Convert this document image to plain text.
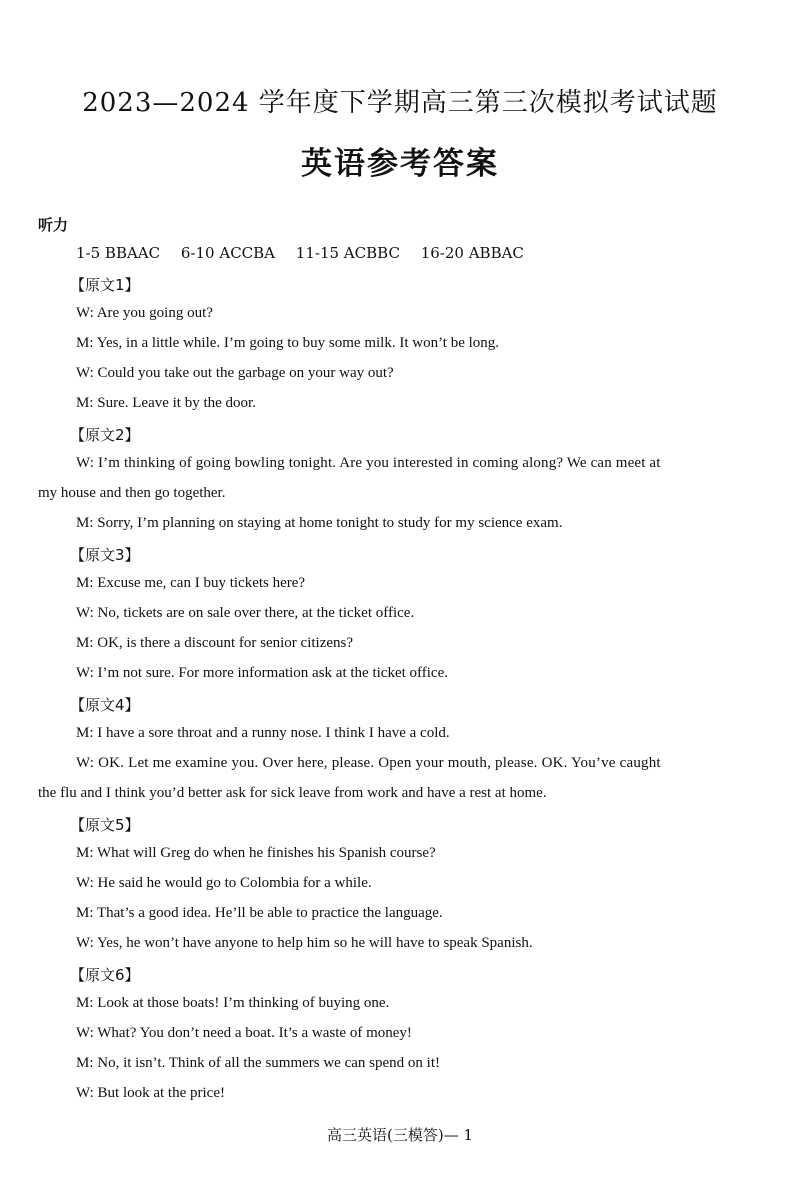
2023—2024 学年度下学期高三第三次模拟考试试题
英语参考答案
听力
1-5 BBAAC 6-10 ACCBA 11-15 ACBBC 16-20 ABBAC
【原文1】
W: Are you going out?
M: Yes, in a little while. I’m going to buy some milk. It won’t be long.
W: Could you take out the garbage on your way out?
M: Sure. Leave it by the door.
【原文2】
W: I’m thinking of going bowling tonight. Are you interested in coming along? We can meet at
my house and then go together.
M: Sorry, I’m planning on staying at home tonight to study for my science exam.
【原文3】
M: Excuse me, can I buy tickets here?
W: No, tickets are on sale over there, at the ticket office.
M: OK, is there a discount for senior citizens?
W: I’m not sure. For more information ask at the ticket office.
【原文4】
M: I have a sore throat and a runny nose. I think I have a cold.
W: OK. Let me examine you. Over here, please. Open your mouth, please. OK. You’ve caught
the flu and I think you’d better ask for sick leave from work and have a rest at home.
【原文5】
M: What will Greg do when he finishes his Spanish course?
W: He said he would go to Colombia for a while.
M: That’s a good idea. He’ll be able to practice the language.
W: Yes, he won’t have anyone to help him so he will have to speak Spanish.
【原文6】
M: Look at those boats! I’m thinking of buying one.
W: What? You don’t need a boat. It’s a waste of money!
M: No, it isn’t. Think of all the summers we can spend on it!
W: But look at the price!
高三英语(三模答)— 1
